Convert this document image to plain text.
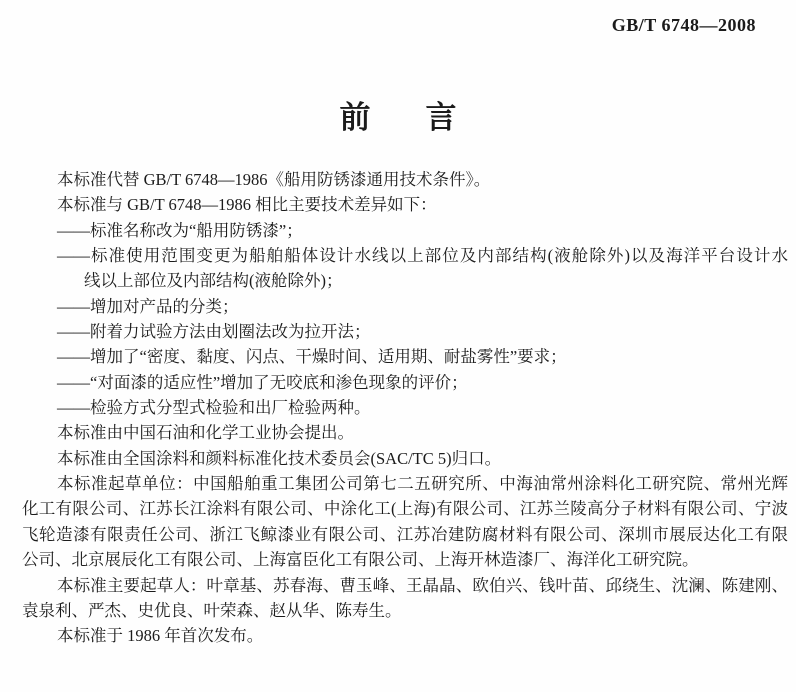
GB/T 6748—2008
前言
本标准代替 GB/T 6748—1986《船用防锈漆通用技术条件》。
本标准与 GB/T 6748—1986 相比主要技术差异如下：
——标准名称改为“船用防锈漆”；
——标准使用范围变更为船舶船体设计水线以上部位及内部结构(液舱除外)以及海洋平台设计水
线以上部位及内部结构(液舱除外)；
——增加对产品的分类；
——附着力试验方法由划圈法改为拉开法；
——增加了“密度、黏度、闪点、干燥时间、适用期、耐盐雾性”要求；
——“对面漆的适应性”增加了无咬底和渗色现象的评价；
——检验方式分型式检验和出厂检验两种。
本标准由中国石油和化学工业协会提出。
本标准由全国涂料和颜料标准化技术委员会(SAC/TC 5)归口。
本标准起草单位：中国船舶重工集团公司第七二五研究所、中海油常州涂料化工研究院、常州光辉
化工有限公司、江苏长江涂料有限公司、中涂化工(上海)有限公司、江苏兰陵高分子材料有限公司、宁波
飞轮造漆有限责任公司、浙江飞鲸漆业有限公司、江苏冶建防腐材料有限公司、深圳市展辰达化工有限
公司、北京展辰化工有限公司、上海富臣化工有限公司、上海开林造漆厂、海洋化工研究院。
本标准主要起草人：叶章基、苏春海、曹玉峰、王晶晶、欧伯兴、钱叶苗、邱绕生、沈澜、陈建刚、
袁泉利、严杰、史优良、叶荣森、赵从华、陈寿生。
本标准于 1986 年首次发布。
